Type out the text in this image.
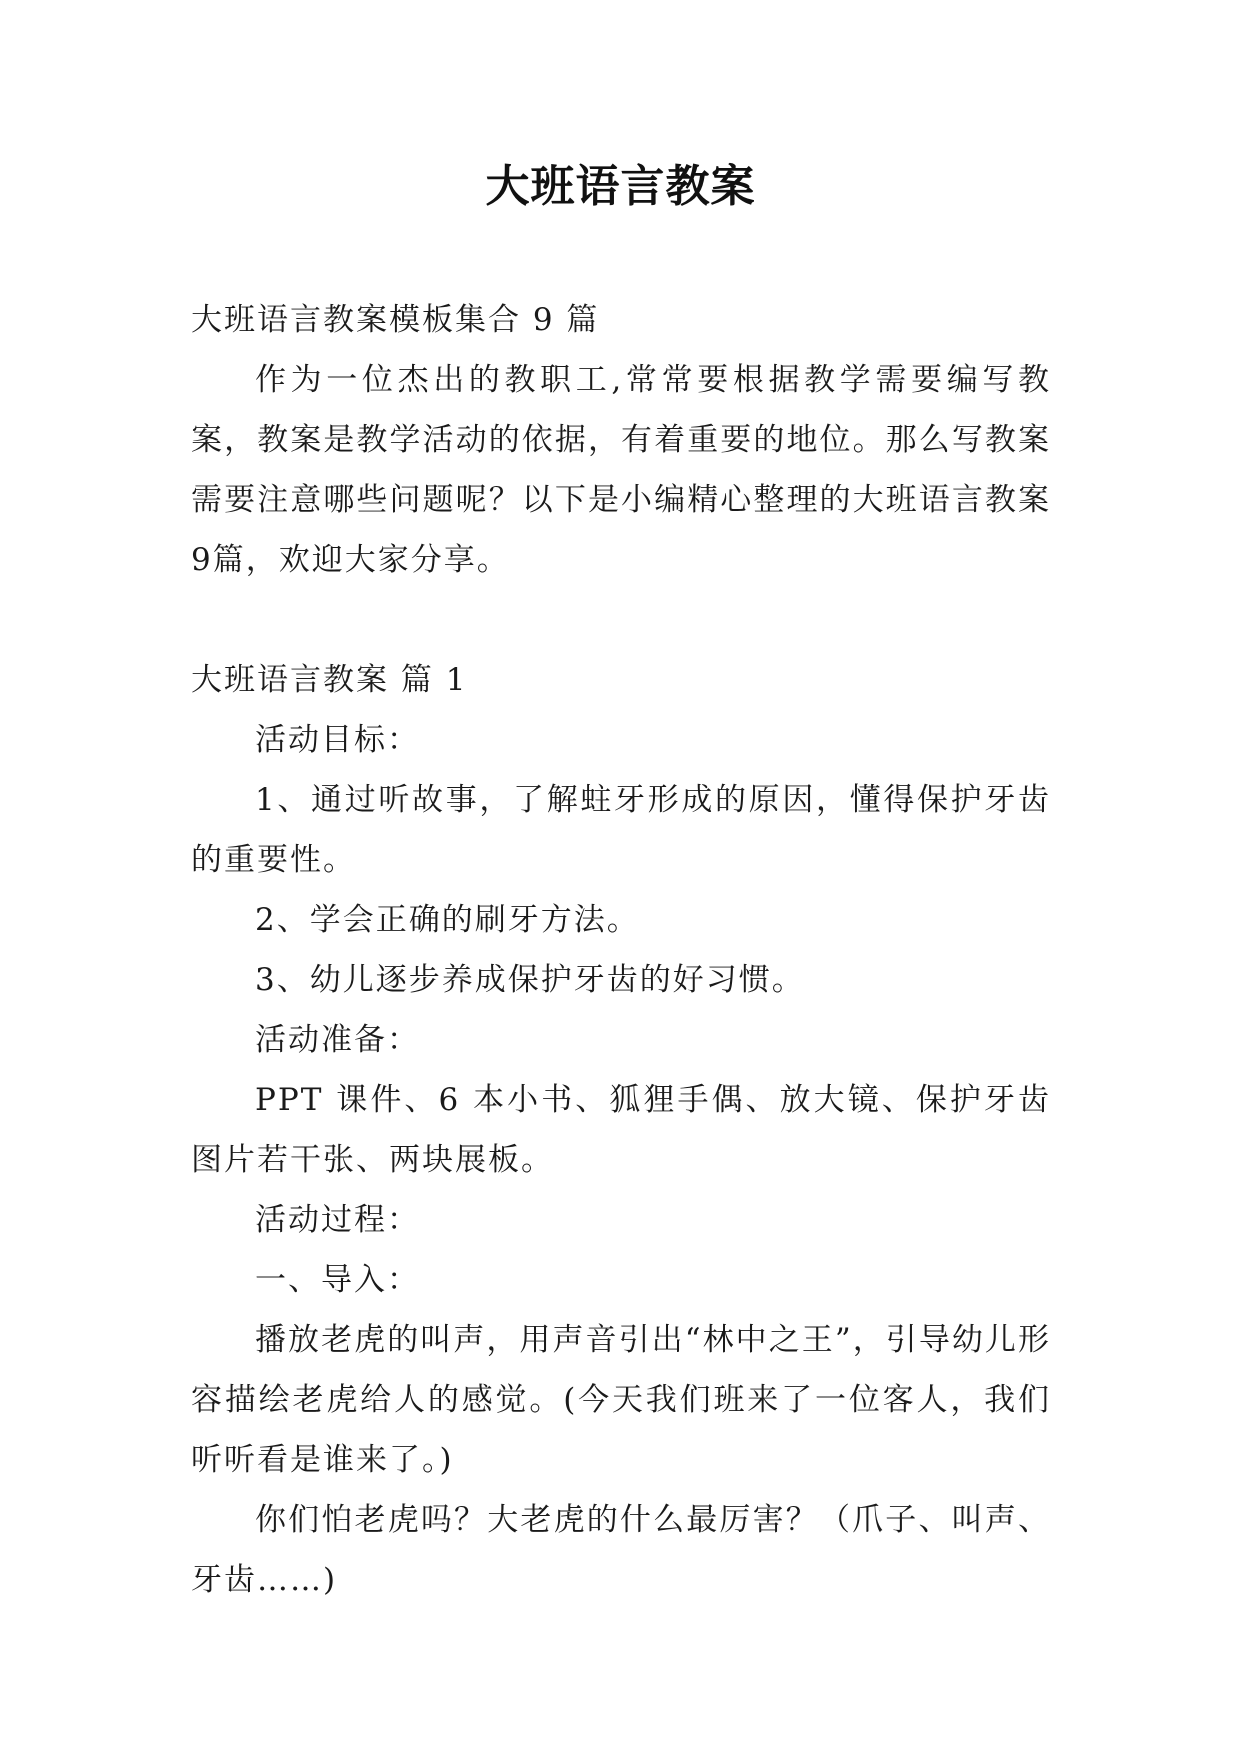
大班语言教案

大班语言教案模板集合 9 篇

作为一位杰出的教职工,常常要根据教学需要编写教案，教案是教学活动的依据，有着重要的地位。那么写教案需要注意哪些问题呢？以下是小编精心整理的大班语言教案9篇，欢迎大家分享。

大班语言教案 篇 1

活动目标：

1、通过听故事，了解蛀牙形成的原因，懂得保护牙齿的重要性。

2、学会正确的刷牙方法。

3、幼儿逐步养成保护牙齿的好习惯。

活动准备：

PPT 课件、6 本小书、狐狸手偶、放大镜、保护牙齿图片若干张、两块展板。

活动过程：

一、导入：

播放老虎的叫声，用声音引出“林中之王”，引导幼儿形容描绘老虎给人的感觉。(今天我们班来了一位客人，我们听听看是谁来了。)

你们怕老虎吗？大老虎的什么最厉害？（爪子、叫声、牙齿……)
